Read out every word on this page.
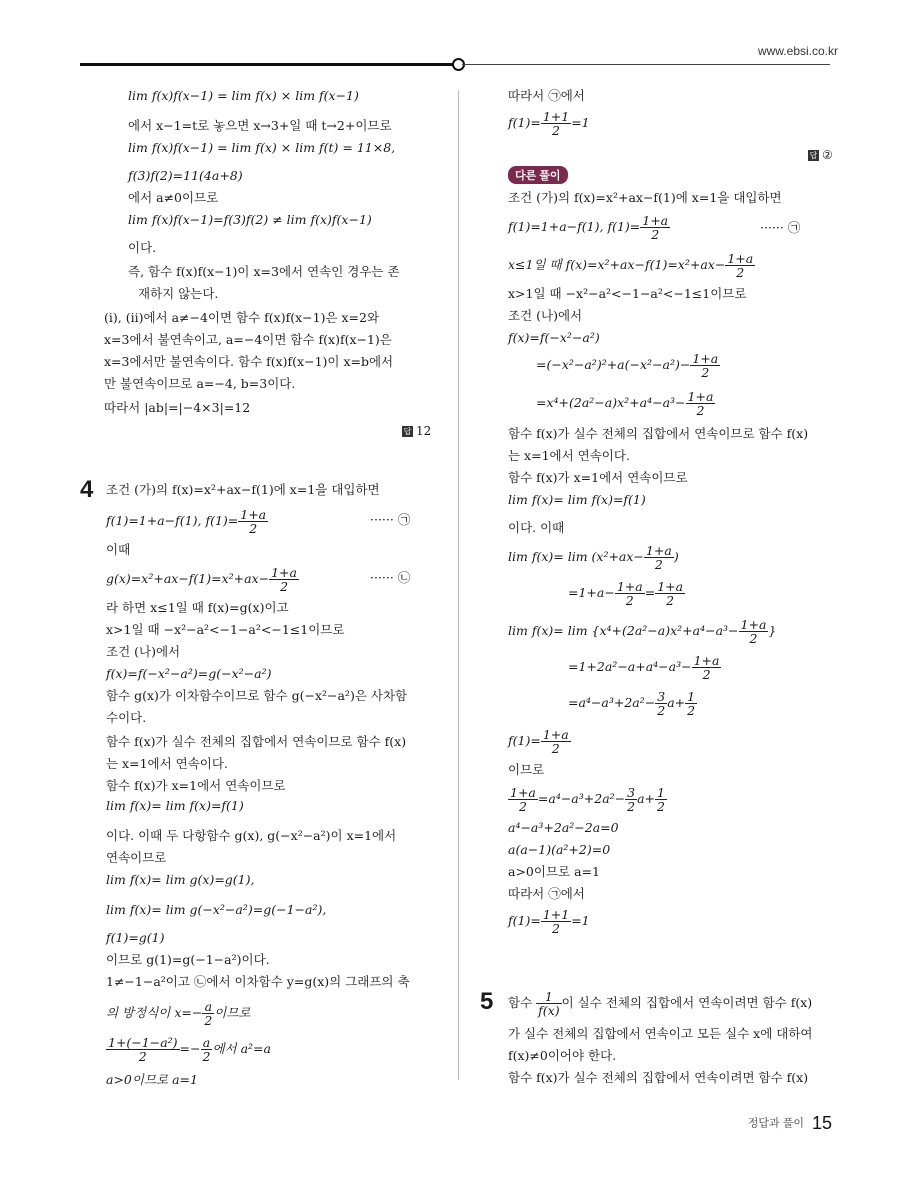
www.ebsi.co.kr
lim f(x)f(x−1) = lim f(x) × lim f(x−1)
에서 x−1=t로 놓으면 x→3+일 때 t→2+이므로
lim f(x)f(x−1) = lim f(x) × lim f(t) = 11×8,
f(3)f(2)=11(4a+8)
에서 a≠0이므로
lim f(x)f(x−1)=f(3)f(2) ≠ lim f(x)f(x−1)
이다.
즉, 함수 f(x)f(x−1)이 x=3에서 연속인 경우는 존
재하지 않는다.
(i), (ii)에서 a≠−4이면 함수 f(x)f(x−1)은 x=2와
x=3에서 불연속이고, a=−4이면 함수 f(x)f(x−1)은
x=3에서만 불연속이다. 함수 f(x)f(x−1)이 x=b에서
만 불연속이므로 a=−4, b=3이다.
따라서 |ab|=|−4×3|=12
답 12
4 조건 (가)의 f(x)=x²+ax−f(1)에 x=1을 대입하면
f(1)=1+a−f(1), $f(1)= \frac{1+a}{2}$	······ ㉠
이때
$g(x)=x^2+ax-f(1)=x^2+ax- \frac{1+a}{2}$	······ ㉡
라 하면 x≤1일 때 f(x)=g(x)이고
x>1일 때 −x²−a²<−1−a²<−1≤1이므로
조건 (나)에서
f(x)=f(−x²−a²)=g(−x²−a²)
함수 g(x)가 이차함수이므로 함수 g(−x²−a²)은 사차함
수이다.
함수 f(x)가 실수 전체의 집합에서 연속이므로 함수 f(x)
는 x=1에서 연속이다.
함수 f(x)가 x=1에서 연속이므로
lim f(x)= lim f(x)=f(1)
이다. 이때 두 다항함수 g(x), g(−x²−a²)이 x=1에서
연속이므로
lim f(x)= lim g(x)=g(1),
lim f(x)= lim g(−x²−a²)=g(−1−a²),
f(1)=g(1)
이므로 g(1)=g(−1−a²)이다.
1≠−1−a²이고 ㉡에서 이차함수 y=g(x)의 그래프의 축
의 방정식이 $x=- \frac{a}{2}$ 이므로
$\frac{\text{1+(−1−a²)}}{2} =- \frac{a}{2}$ 에서 a²=a
a>0이므로 a=1
따라서 ㉠에서
$f(1)= \frac{1+1}{2} =1$
답 ②
다른 풀이
조건 (가)의 f(x)=x²+ax−f(1)에 x=1을 대입하면
f(1)=1+a−f(1), $f(1)= \frac{1+a}{2}$	······ ㉠
x≤1일 때 $f(x)=x^2+ax-f(1)=x^2+ax- \frac{1+a}{2}$
x>1일 때 −x²−a²<−1−a²<−1≤1이므로
조건 (나)에서
f(x)=f(−x²−a²)
$=(-x^2-a^2)^2+a(-x^2-a^2)- \frac{1+a}{2}$
$=x^4+(2a^2-a)x^2+a^4-a^3- \frac{1+a}{2}$
함수 f(x)가 실수 전체의 집합에서 연속이므로 함수 f(x)
는 x=1에서 연속이다.
함수 f(x)가 x=1에서 연속이므로
lim f(x)= lim f(x)=f(1)
이다. 이때
$\lim f(x)= \lim (x^2+ax- \frac{1+a}{2}$ )
$=1+a- \frac{1+a}{2} = \frac{1+a}{2}$
$\lim f(x)= \lim \{x^4+(2a^2-a)x^2+a^4-a^3- \frac{1+a}{2}$ }
$=1+2a^2-a+a^4-a^3- \frac{1+a}{2}$
$=a^4-a^3+2a^2- \frac{3}{2} a+ \frac{1}{2}$
$f(1)= \frac{1+a}{2}$
이므로
$\frac{1+a}{2} =a^4-a^3+2a^2- \frac{3}{2} a+ \frac{1}{2}$
a⁴−a³+2a²−2a=0
a(a−1)(a²+2)=0
a>0이므로 a=1
따라서 ㉠에서
$f(1)= \frac{1+1}{2} =1$
5 함수 $\frac{1}{f(x)}$ 이 실수 전체의 집합에서 연속이려면 함수 f(x)
가 실수 전체의 집합에서 연속이고 모든 실수 x에 대하여
f(x)≠0이어야 한다.
함수 f(x)가 실수 전체의 집합에서 연속이려면 함수 f(x)
정답과 풀이 15
